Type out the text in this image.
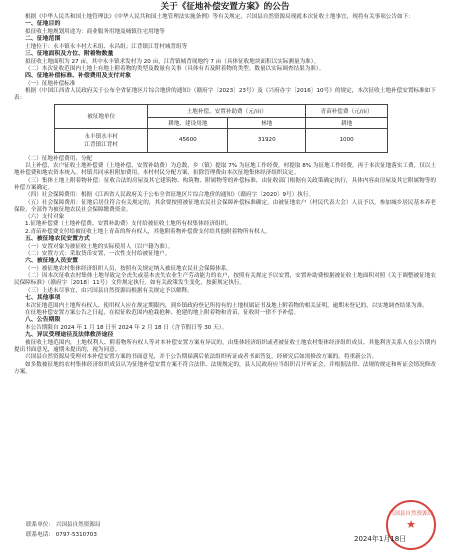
关于《征地补偿安置方案》的公告

根据《中华人民共和国土地管理法》《中华人民共和国土地管理法实施条例》等有关规定，兴国县自然资源局现就本次征收土地事宜，现将有关事项公告如下：

一、征地目的

拟征收土地规划用途为：商业服务用地及城镇住宅用地等

二、征地范围

土地位于：永丰镇永丰村大禾组、永昌组；江背镇江背村城背组等

三、征地面积及方位、附着物数量

拟征收土地面积为 27 亩，其中永丰镇求发村为 20 亩，江背镇城背现地约 7 亩（具体征收地块面积以实际测量为准）。

（二）本次征收范围内土地上有地上附着物的类型及数量有关事（具体有否及附着物的类型、数量以实际调查结果为准）。

四、征地补偿标准、补偿费用及支付对象
（一）征地补偿标准

根据《中国江西省人民政府关于公布全省征地区片综合地价的通知》（赣府字〔2023〕23号）及《兴府办字〔2016〕10号》的规定，本次征收土地补偿安置标准如下表：

被征地单位	土地补偿、安置补助费（元/亩）		青苗补偿费（元/亩）
	耕地、建设用地	林地	耕地

永丰镇水丰村
江背镇江背村	45600	31920	1000
（二）征地补偿费用、分配

以上补偿，农户征收土地补偿费（土地补偿、安置补助费）为总数，乡（镇）提取 7% 为征地工作经费，村提取 8% 为征地工作经费，再于本次征地落实工费，仅以土地补偿费和地农资本统入。村镇共同承担附加费用，本村村民分配方案，扣除管理费由本次征地集体经济组织议定。

（三）集体土地上附着物补偿：征收合法的房屋及其它建筑物、构筑物、附属物等的补偿标准，由征收部门根据有关政策确定执行，具体内容由房屋及其它附属物等的补偿方案确定。

（四）社会保障费用：根据《江西省人民政府关于公布全省征地区片综合地价的通知》（赣府字〔2020〕9号）执行。

（五）社会保障费用：征地后居住符合有关规定的，其余要按照被征地农民社会保障补偿标准确定，由被征地农户（村民代表大会）人员予以，参加城乡居民基本养老保险，全部作为被征地农民社会保障缴费资金。

（六）支付对象

1.征地补偿费（土地补偿费、安置补助费）支付给被征收土地所有权集体经济组织。

2.青苗补偿费支付给被征收土地上青苗的所有权人，其他附着物补偿费支付给其他附着物所有权人。

五、被征地农民安置方式

（一）安置对象为被征收土地的实际使用人（以户籍为准）。

（二）安置方式：采取货币安置，一次性支付给被征地户。

六、被征地人员安置

（一）被征地农村集体经济组织人员，按照有关规定纳入被征地农民社会保障体系。

（二）因本次征收农村集体土地导致完全丧失或基本丧失农业生产劳动能力的农户，按照有关规定予以安置，安置补助费根据被征收土地面积对照《关于调整被征地农民保障标准》（赣府字〔2018〕11号）文件规定执行，如有关政策发生变化，按新规定执行。

（三）上述未尽事宜，由兴国县自然资源局根据有关规定予以解释。

七、其他事项

本次征地范围内土地所有权人、使用权人应在规定期限内，到乡镇政府登记所持有的土地权属证书及地上附着物的相关证明，逾期未登记的，以实地调查结果为准。

在征地补偿安置方案公告之日起，在拟征收范围内抢栽抢种、抢建的地上附着物和青苗，征收时一律不予补偿。

八、公告期限

本公告期限自 2024 年 1 月 18 日至 2024 年 2 月 18 日（含节假日等 30 天）。

九、异议受理途径及法律救济途径

被征收土地范围内，土地权利人、附着物所有权人等对本补偿安置方案有异议的，由集体经济组织或者被征收土地农村集体经济组织成员、其他利害关系人在公告期内提出书面意见，逾期未提出的，视为同意。

兴国县自然资源局受理对本补偿安置方案的书面意见，并于公告期届满后依法组织听证或者书面答复，经研究后如需修改方案的，将重新公告。

如多数被征地的农村集体经济组织成员认为征地补偿安置方案不符合法律、法规规定的，县人民政府应当组织召开听证会，并根据法律、法规的规定和听证会情况修改方案。

联系单位： 兴国县自然资源局
联系电话： 0797-5310703
兴国县自然资源局
★
2024年1月18日
